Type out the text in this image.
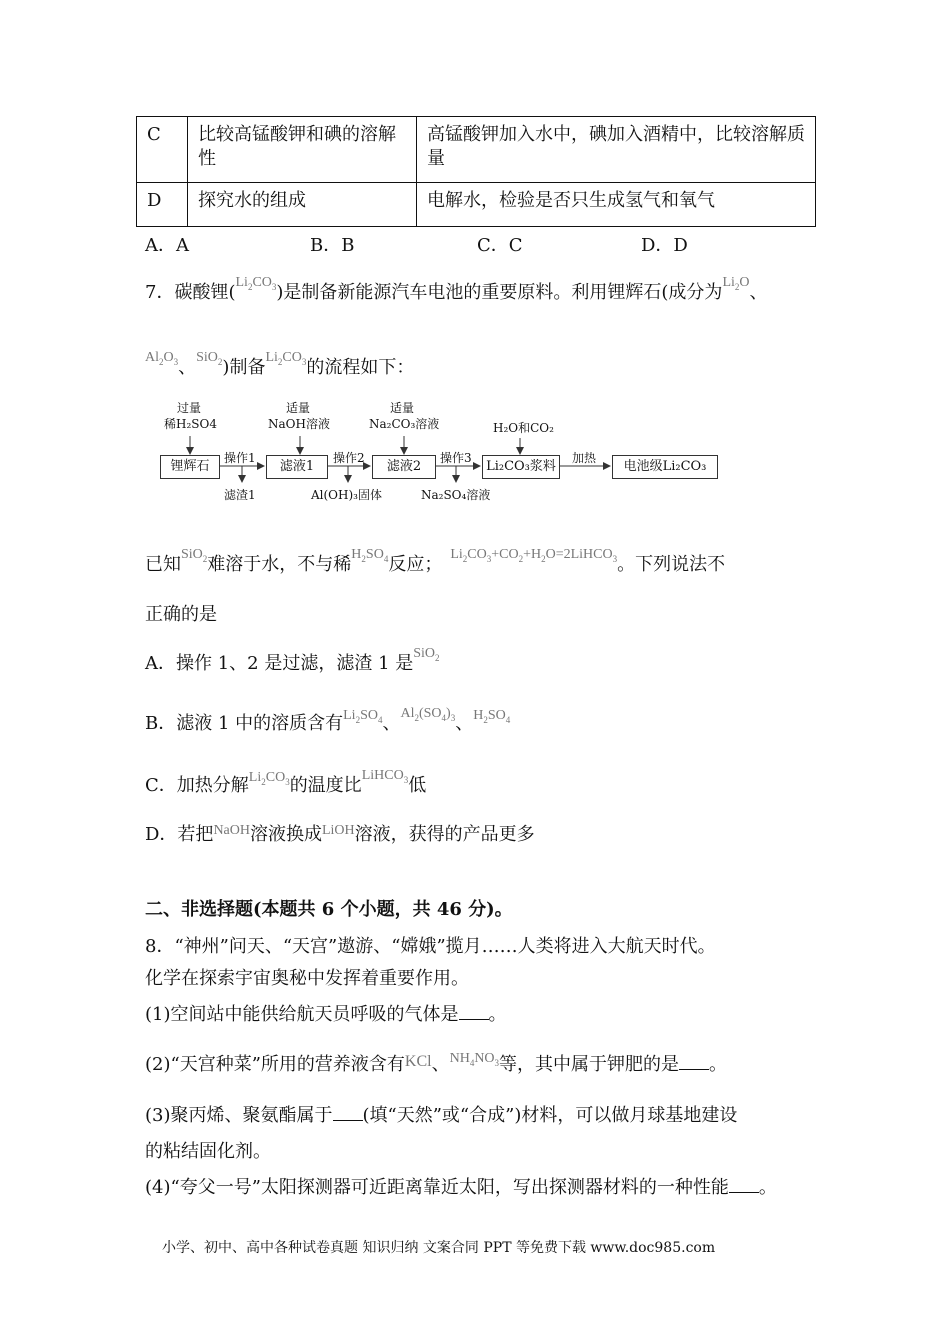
C	比较高锰酸钾和碘的溶解性	高锰酸钾加入水中，碘加入酒精中，比较溶解质量
D	探究水的组成	电解水，检验是否只生成氢气和氧气
A．A	B．B	C．C	D．D
7．碳酸锂($^{Li_2CO_3}$)是制备新能源汽车电池的重要原料。利用锂辉石(成分为$^{Li_2O}$、
$^{Al_2O_3}$、$^{SiO_2}$)制备$^{Li_2CO_3}$的流程如下：
过量
稀H₂SO4
适量
NaOH溶液
适量
Na₂CO₃溶液	H₂O和CO₂
锂辉石	滤液1	滤液2	Li₂CO₃浆料	电池级Li₂CO₃
操作1	操作2	操作3	加热
滤渣1	Al(OH)₃固体	Na₂SO₄溶液
已知$^{SiO_2}$难溶于水，不与稀$^{H_2SO_4}$反应； $^{Li_2CO_3+CO_2+H_2O=2LiHCO_3}$。下列说法不
正确的是
A．操作 1、2 是过滤，滤渣 1 是$^{SiO_2}$
B．滤液 1 中的溶质含有$^{Li_2SO_4}$、$^{Al_2(SO_4)_3}$、$^{H_2SO_4}$
C．加热分解$^{Li_2CO_3}$的温度比$^{LiHCO_3}$低
D．若把$^{NaOH}$溶液换成$^{LiOH}$溶液，获得的产品更多
二、非选择题(本题共 6 个小题，共 46 分)。
8．“神州”问天、“天宫”遨游、“嫦娥”揽月……人类将进入大航天时代。
化学在探索宇宙奥秘中发挥着重要作用。
(1)空间站中能供给航天员呼吸的气体是 。
(2)“天宫种菜”所用的营养液含有KCl、$^{NH_4NO_3}$等，其中属于钾肥的是 。
(3)聚丙烯、聚氨酯属于 (填“天然”或“合成”)材料，可以做月球基地建设
的粘结固化剂。
(4)“夸父一号”太阳探测器可近距离靠近太阳，写出探测器材料的一种性能 。
小学、初中、高中各种试卷真题 知识归纳 文案合同 PPT 等免费下载 www.doc985.com
